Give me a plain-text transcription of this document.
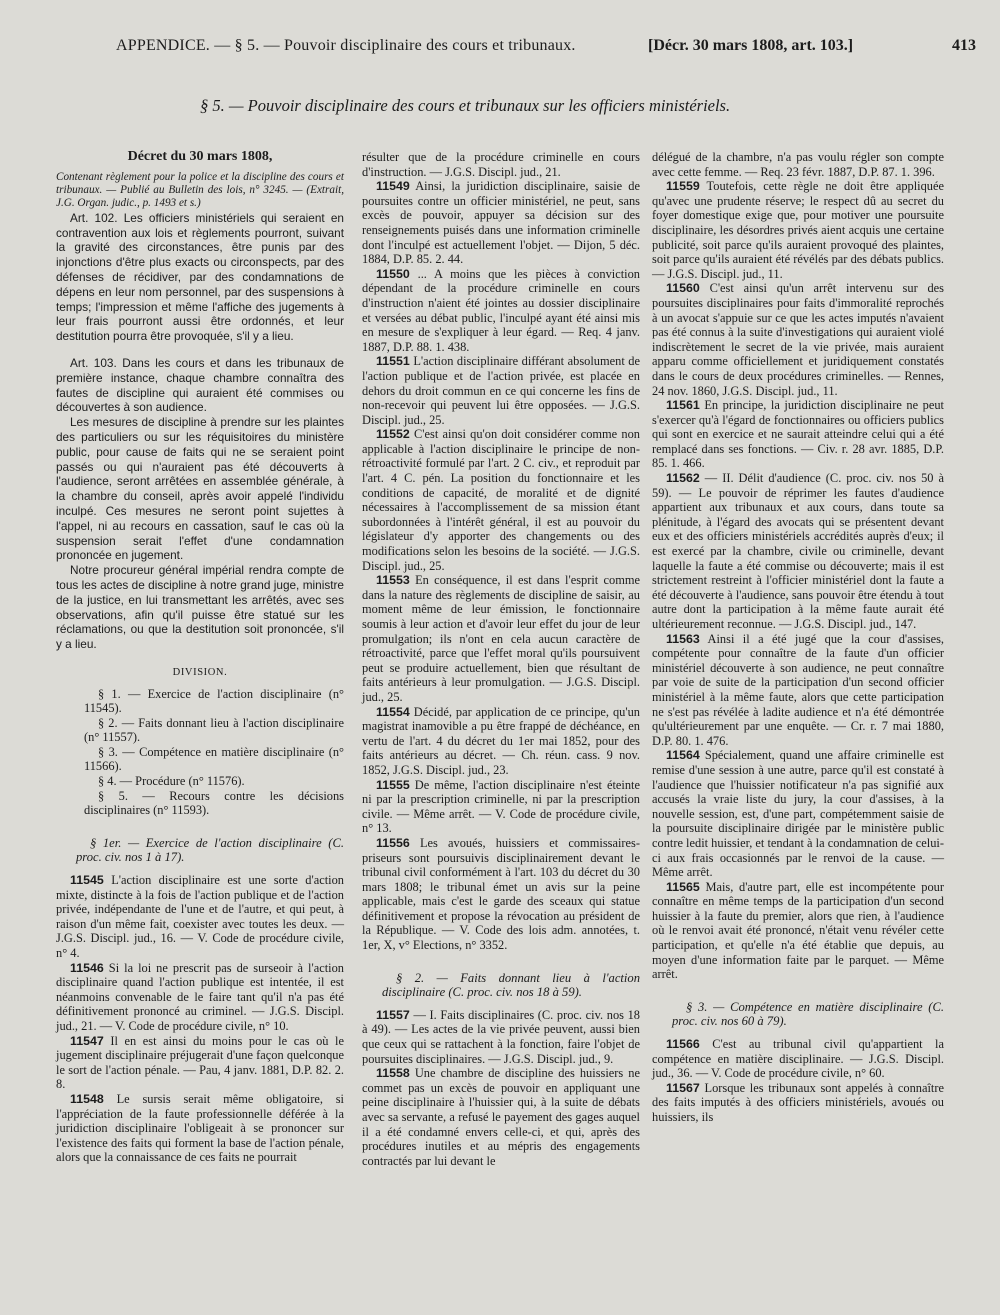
APPENDICE. — § 5. — Pouvoir disciplinaire des cours et tribunaux.	[Décr. 30 mars 1808, art. 103.]	413
§ 5. — Pouvoir disciplinaire des cours et tribunaux sur les officiers ministériels.
Décret du 30 mars 1808,

Contenant règlement pour la police et la discipline des cours et tribunaux. — Publié au Bulletin des lois, n° 3245. — (Extrait, J.G. Organ. judic., p. 1493 et s.)

Art. 102. Les officiers ministériels qui seraient en contravention aux lois et règlements pourront, suivant la gravité des circonstances, être punis par des injonctions d'être plus exacts ou circonspects, par des défenses de récidiver, par des condamnations de dépens en leur nom personnel, par des suspensions à temps; l'impression et même l'affiche des jugements à leur frais pourront aussi être ordonnés, et leur destitution pourra être provoquée, s'il y a lieu.

Art. 103. Dans les cours et dans les tribunaux de première instance, chaque chambre connaîtra des fautes de discipline qui auraient été commises ou découvertes à son audience.

Les mesures de discipline à prendre sur les plaintes des particuliers ou sur les réquisitoires du ministère public, pour cause de faits qui ne se seraient point passés ou qui n'auraient pas été découverts à l'audience, seront arrêtées en assemblée générale, à la chambre du conseil, après avoir appelé l'individu inculpé. Ces mesures ne seront point sujettes à l'appel, ni au recours en cassation, sauf le cas où la suspension serait l'effet d'une condamnation prononcée en jugement.

Notre procureur général impérial rendra compte de tous les actes de discipline à notre grand juge, ministre de la justice, en lui transmettant les arrêtés, avec ses observations, afin qu'il puisse être statué sur les réclamations, ou que la destitution soit prononcée, s'il y a lieu.

DIVISION.

§ 1. — Exercice de l'action disciplinaire (n° 11545).

§ 2. — Faits donnant lieu à l'action disciplinaire (n° 11557).

§ 3. — Compétence en matière disciplinaire (n° 11566).

§ 4. — Procédure (n° 11576).

§ 5. — Recours contre les décisions disciplinaires (n° 11593).

§ 1er. — Exercice de l'action disciplinaire (C. proc. civ. nos 1 à 17).

11545 L'action disciplinaire est une sorte d'action mixte, distincte à la fois de l'action publique et de l'action privée, indépendante de l'une et de l'autre, et qui peut, à raison d'un même fait, coexister avec toutes les deux. — J.G.S. Discipl. jud., 16. — V. Code de procédure civile, n° 4.

11546 Si la loi ne prescrit pas de surseoir à l'action disciplinaire quand l'action publique est intentée, il est néanmoins convenable de le faire tant qu'il n'a pas été définitivement prononcé au criminel. — J.G.S. Discipl. jud., 21. — V. Code de procédure civile, n° 10.

11547 Il en est ainsi du moins pour le cas où le jugement disciplinaire préjugerait d'une façon quelconque le sort de l'action pénale. — Pau, 4 janv. 1881, D.P. 82. 2. 8.

11548 Le sursis serait même obligatoire, si l'appréciation de la faute professionnelle déférée à la juridiction disciplinaire l'obligeait à se prononcer sur l'existence des faits qui forment la base de l'action pénale, alors que la connaissance de ces faits ne pourrait

résulter que de la procédure criminelle en cours d'instruction. — J.G.S. Discipl. jud., 21.

11549 Ainsi, la juridiction disciplinaire, saisie de poursuites contre un officier ministériel, ne peut, sans excès de pouvoir, appuyer sa décision sur des renseignements puisés dans une information criminelle dont l'inculpé est actuellement l'objet. — Dijon, 5 déc. 1884, D.P. 85. 2. 44.

11550 ... A moins que les pièces à conviction dépendant de la procédure criminelle en cours d'instruction n'aient été jointes au dossier disciplinaire et versées au débat public, l'inculpé ayant été ainsi mis en mesure de s'expliquer à leur égard. — Req. 4 janv. 1887, D.P. 88. 1. 438.

11551 L'action disciplinaire différant absolument de l'action publique et de l'action privée, est placée en dehors du droit commun en ce qui concerne les fins de non-recevoir qui peuvent lui être opposées. — J.G.S. Discipl. jud., 25.

11552 C'est ainsi qu'on doit considérer comme non applicable à l'action disciplinaire le principe de non-rétroactivité formulé par l'art. 2 C. civ., et reproduit par l'art. 4 C. pén. La position du fonctionnaire et les conditions de capacité, de moralité et de dignité nécessaires à l'accomplissement de sa mission étant subordonnées à l'intérêt général, il est au pouvoir du législateur d'y apporter des changements ou des modifications selon les besoins de la société. — J.G.S. Discipl. jud., 25.

11553 En conséquence, il est dans l'esprit comme dans la nature des règlements de discipline de saisir, au moment même de leur émission, le fonctionnaire soumis à leur action et d'avoir leur effet du jour de leur promulgation; ils n'ont en cela aucun caractère de rétroactivité, parce que l'effet moral qu'ils poursuivent peut se produire actuellement, bien que résultant de faits antérieurs à leur promulgation. — J.G.S. Discipl. jud., 25.

11554 Décidé, par application de ce principe, qu'un magistrat inamovible a pu être frappé de déchéance, en vertu de l'art. 4 du décret du 1er mai 1852, pour des faits antérieurs au décret. — Ch. réun. cass. 9 nov. 1852, J.G.S. Discipl. jud., 23.

11555 De même, l'action disciplinaire n'est éteinte ni par la prescription criminelle, ni par la prescription civile. — Même arrêt. — V. Code de procédure civile, n° 13.

11556 Les avoués, huissiers et commissaires-priseurs sont poursuivis disciplinairement devant le tribunal civil conformément à l'art. 103 du décret du 30 mars 1808; le tribunal émet un avis sur la peine applicable, mais c'est le garde des sceaux qui statue définitivement et propose la révocation au président de la République. — V. Code des lois adm. annotées, t. 1er, X, v° Elections, n° 3352.

§ 2. — Faits donnant lieu à l'action disciplinaire (C. proc. civ. nos 18 à 59).

11557 — I. Faits disciplinaires (C. proc. civ. nos 18 à 49). — Les actes de la vie privée peuvent, aussi bien que ceux qui se rattachent à la fonction, faire l'objet de poursuites disciplinaires. — J.G.S. Discipl. jud., 9.

11558 Une chambre de discipline des huissiers ne commet pas un excès de pouvoir en appliquant une peine disciplinaire à l'huissier qui, à la suite de débats avec sa servante, a refusé le payement des gages auquel il a été condamné envers celle-ci, et qui, après des procédures inutiles et au mépris des engagements contractés par lui devant le

délégué de la chambre, n'a pas voulu régler son compte avec cette femme. — Req. 23 févr. 1887, D.P. 87. 1. 396.

11559 Toutefois, cette règle ne doit être appliquée qu'avec une prudente réserve; le respect dû au secret du foyer domestique exige que, pour motiver une poursuite disciplinaire, les désordres privés aient acquis une certaine publicité, soit parce qu'ils auraient provoqué des plaintes, soit parce qu'ils auraient été révélés par des débats publics. — J.G.S. Discipl. jud., 11.

11560 C'est ainsi qu'un arrêt intervenu sur des poursuites disciplinaires pour faits d'immoralité reprochés à un avocat s'appuie sur ce que les actes imputés n'avaient pas été connus à la suite d'investigations qui auraient violé indiscrètement le secret de la vie privée, mais auraient apparu comme officiellement et juridiquement constatés dans le cours de deux procédures criminelles. — Rennes, 24 nov. 1860, J.G.S. Discipl. jud., 11.

11561 En principe, la juridiction disciplinaire ne peut s'exercer qu'à l'égard de fonctionnaires ou officiers publics qui sont en exercice et ne saurait atteindre celui qui a été remplacé dans ses fonctions. — Civ. r. 28 avr. 1885, D.P. 85. 1. 466.

11562 — II. Délit d'audience (C. proc. civ. nos 50 à 59). — Le pouvoir de réprimer les fautes d'audience appartient aux tribunaux et aux cours, dans toute sa plénitude, à l'égard des avocats qui se présentent devant eux et des officiers ministériels accrédités auprès d'eux; il est exercé par la chambre, civile ou criminelle, devant laquelle la faute a été commise ou découverte; mais il est strictement restreint à l'officier ministériel dont la faute a été découverte à l'audience, sans pouvoir être étendu à tout autre dont la participation à la même faute aurait été ultérieurement reconnue. — J.G.S. Discipl. jud., 147.

11563 Ainsi il a été jugé que la cour d'assises, compétente pour connaître de la faute d'un officier ministériel découverte à son audience, ne peut connaître par voie de suite de la participation d'un second officier ministériel à la même faute, alors que cette participation ne s'est pas révélée à ladite audience et n'a été démontrée qu'ultérieurement par une enquête. — Cr. r. 7 mai 1880, D.P. 80. 1. 476.

11564 Spécialement, quand une affaire criminelle est remise d'une session à une autre, parce qu'il est constaté à l'audience que l'huissier notificateur n'a pas signifié aux accusés la vraie liste du jury, la cour d'assises, à la nouvelle session, est, d'une part, compétemment saisie de la poursuite disciplinaire dirigée par le ministère public contre ledit huissier, et tendant à la condamnation de celui-ci aux frais occasionnés par le renvoi de la cause. — Même arrêt.

11565 Mais, d'autre part, elle est incompétente pour connaître en même temps de la participation d'un second huissier à la faute du premier, alors que rien, à l'audience où le renvoi avait été prononcé, n'était venu révéler cette participation, et qu'elle n'a été établie que depuis, au moyen d'une information faite par le parquet. — Même arrêt.

§ 3. — Compétence en matière disciplinaire (C. proc. civ. nos 60 à 79).

11566 C'est au tribunal civil qu'appartient la compétence en matière disciplinaire. — J.G.S. Discipl. jud., 36. — V. Code de procédure civile, n° 60.

11567 Lorsque les tribunaux sont appelés à connaître des faits imputés à des officiers ministériels, avoués ou huissiers, ils
